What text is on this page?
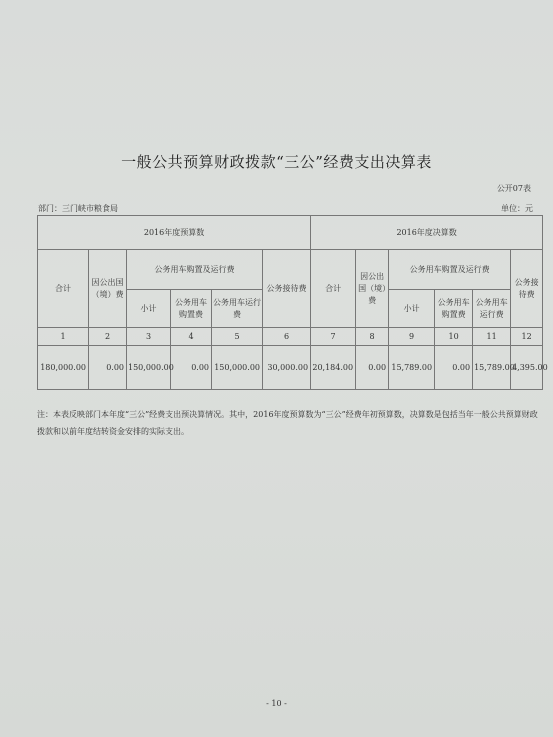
一般公共预算财政拨款“三公”经费支出决算表
公开07表
部门：三门峡市粮食局	单位：元
2016年度预算数						2016年度决算数					
合计	因公出国（境）费	公务用车购置及运行费			公务接待费	合计	因公出国（境）费	公务用车购置及运行费			公务接待费
		小计	公务用车购置费	公务用车运行费				小计	公务用车购置费	公务用车运行费	
1	2	3	4	5	6	7	8	9	10	11	12
180,000.00	0.00	150,000.00	0.00	150,000.00	30,000.00	20,184.00	0.00	15,789.00	0.00	15,789.00	4,395.00
注：本表反映部门本年度“三公”经费支出预决算情况。其中，2016年度预算数为“三公”经费年初预算数，决算数是包括当年一般公共预算财政拨款和以前年度结转资金安排的实际支出。
- 10 -
